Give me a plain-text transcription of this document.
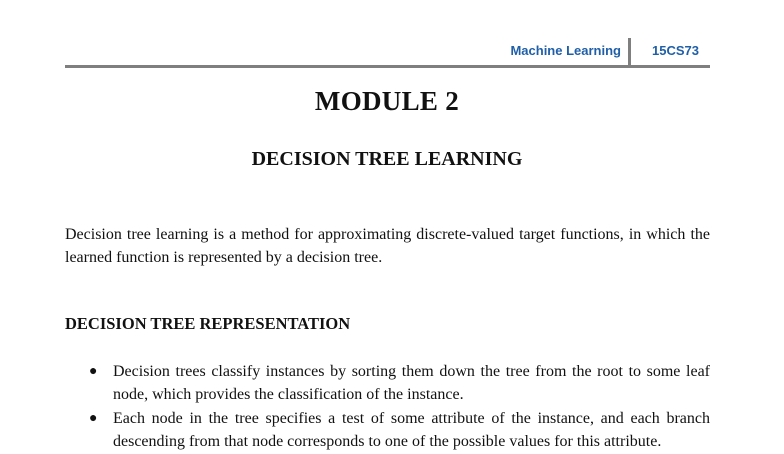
Machine Learning 15CS73
MODULE 2
DECISION TREE LEARNING

Decision tree learning is a method for approximating discrete-valued target functions, in which the learned function is represented by a decision tree.

DECISION TREE REPRESENTATION
● Decision trees classify instances by sorting them down the tree from the root to some leaf node, which provides the classification of the instance.
● Each node in the tree specifies a test of some attribute of the instance, and each branch descending from that node corresponds to one of the possible values for this attribute.
